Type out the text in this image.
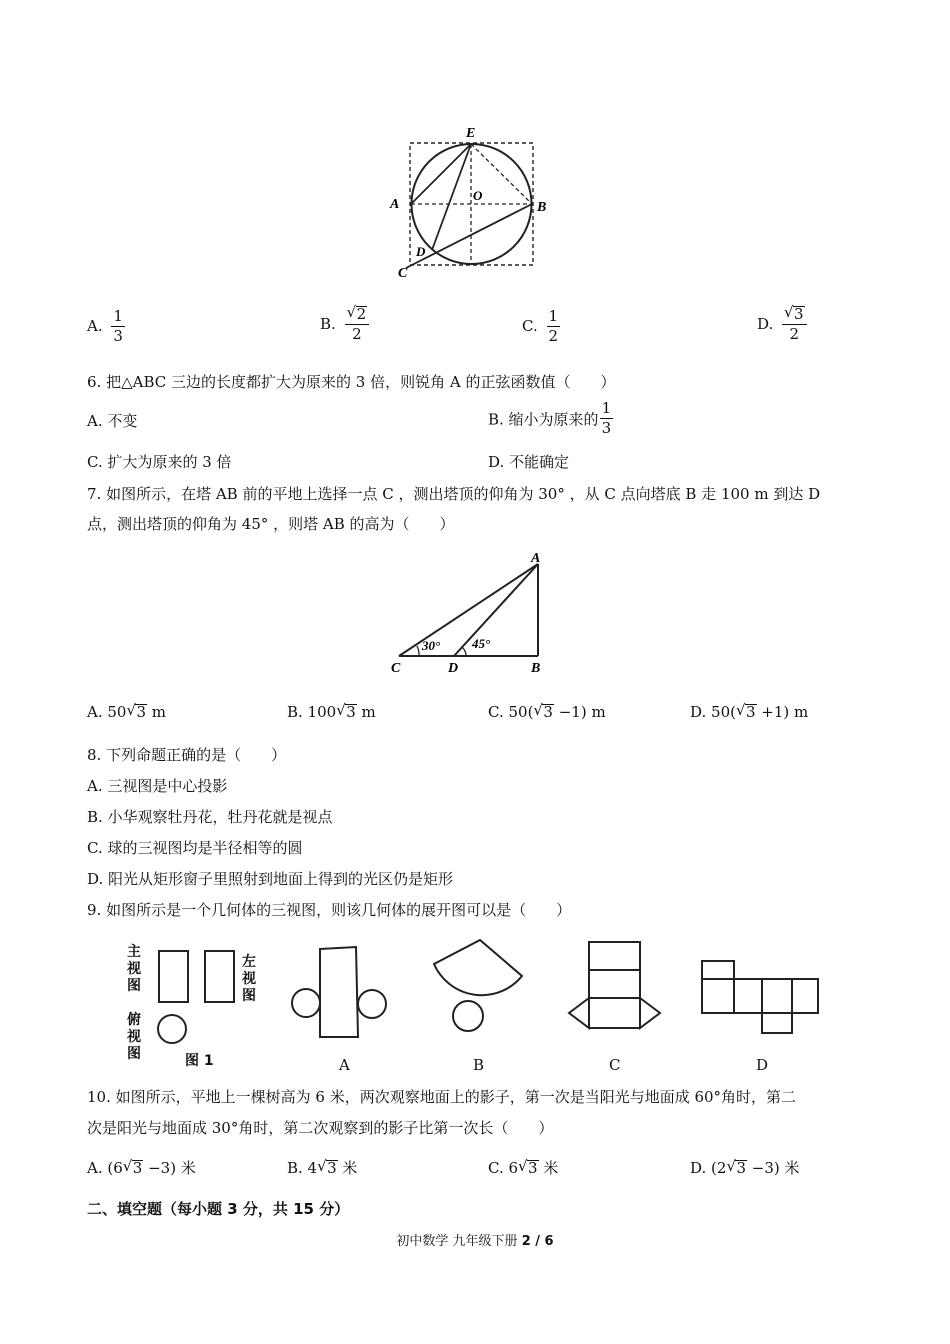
E
O
A	B
D
C
A. $\frac{1}{3}$	B. √ $\frac{2}{2}$	C. $\frac{1}{2}$	D. √ $\frac{3}{2}$
6. 把△ABC 三边的长度都扩大为原来的 3 倍，则锐角 A 的正弦函数值（　　）
A. 不变	B. 缩小为原来的 $\frac{1}{3}$
C. 扩大为原来的 3 倍	D. 不能确定
7. 如图所示，在塔 AB 前的平地上选择一点 C ，测出塔顶的仰角为 30° ，从 C 点向塔底 B 走 100 m 到达 D
点，测出塔顶的仰角为 45° ，则塔 AB 的高为（　　）
A
B
C	D
30° 45°
A. 50 √ 3 m	B. 100 √ 3 m	C. 50( √ 3 −1) m	D. 50( √ 3 +1) m
8. 下列命题正确的是（　　）
A. 三视图是中心投影
B. 小华观察牡丹花，牡丹花就是视点
C. 球的三视图均是半径相等的圆
D. 阳光从矩形窗子里照射到地面上得到的光区仍是矩形
9. 如图所示是一个几何体的三视图，则该几何体的展开图可以是（　　）
主视图
左视图
俯视图	图 1	A	B	C	D
10. 如图所示，平地上一棵树高为 6 米，两次观察地面上的影子，第一次是当阳光与地面成 60°角时，第二
次是阳光与地面成 30°角时，第二次观察到的影子比第一次长（　　）
A. (6 √ 3 −3) 米	B. 4 √ 3 米	C. 6 √ 3 米	D. (2 √ 3 −3) 米
二、填空题（每小题 3 分，共 15 分）
初中数学 九年级下册 2 / 6
